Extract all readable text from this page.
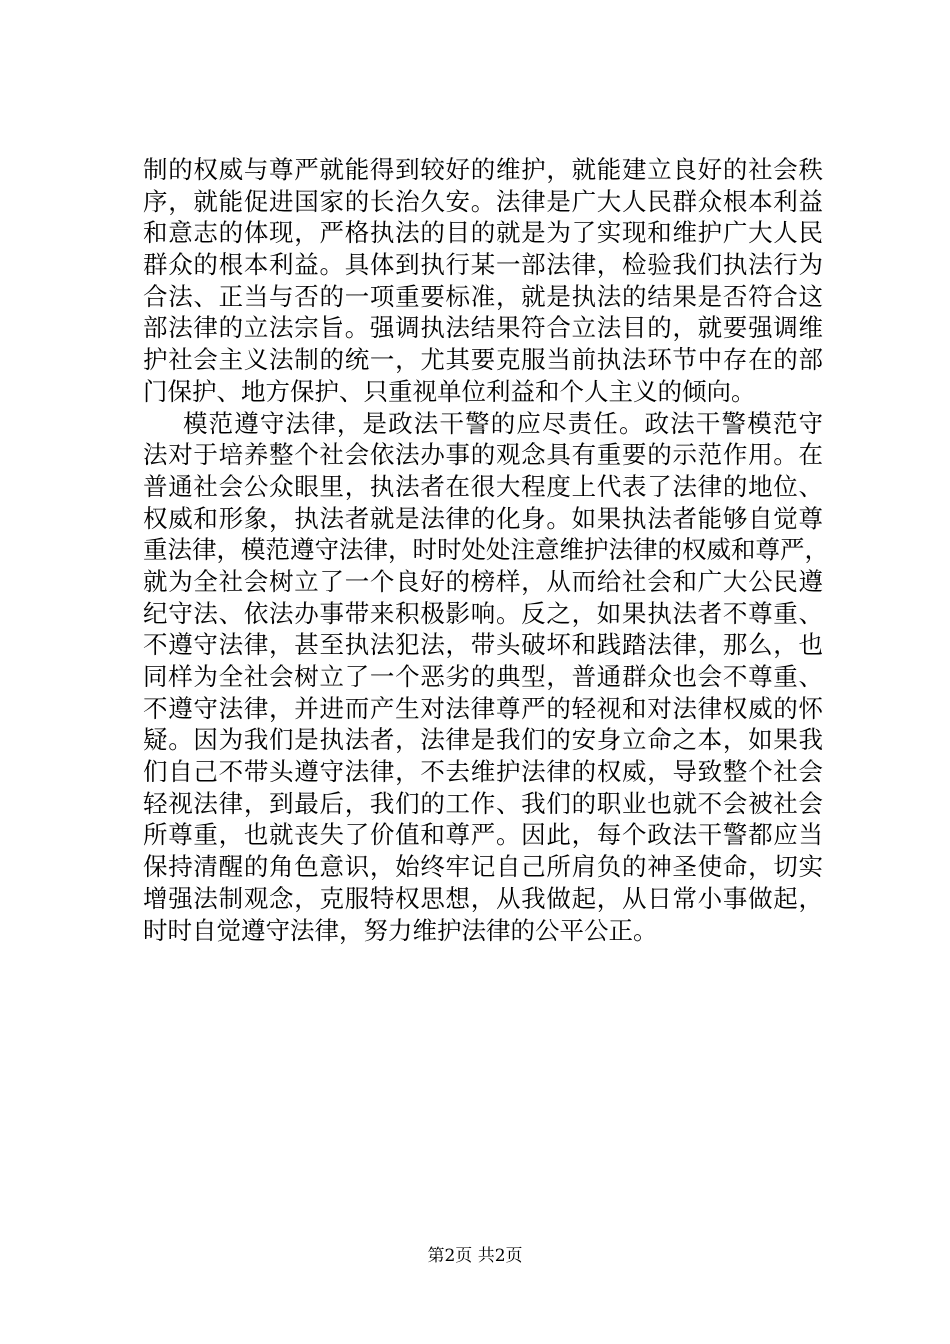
制的权威与尊严就能得到较好的维护，就能建立良好的社会秩
序，就能促进国家的长治久安。法律是广大人民群众根本利益
和意志的体现，严格执法的目的就是为了实现和维护广大人民
群众的根本利益。具体到执行某一部法律，检验我们执法行为
合法、正当与否的一项重要标准，就是执法的结果是否符合这
部法律的立法宗旨。强调执法结果符合立法目的，就要强调维
护社会主义法制的统一，尤其要克服当前执法环节中存在的部
门保护、地方保护、只重视单位利益和个人主义的倾向。
模范遵守法律，是政法干警的应尽责任。政法干警模范守
法对于培养整个社会依法办事的观念具有重要的示范作用。在
普通社会公众眼里，执法者在很大程度上代表了法律的地位、
权威和形象，执法者就是法律的化身。如果执法者能够自觉尊
重法律，模范遵守法律，时时处处注意维护法律的权威和尊严，
就为全社会树立了一个良好的榜样，从而给社会和广大公民遵
纪守法、依法办事带来积极影响。反之，如果执法者不尊重、
不遵守法律，甚至执法犯法，带头破坏和践踏法律，那么，也
同样为全社会树立了一个恶劣的典型，普通群众也会不尊重、
不遵守法律，并进而产生对法律尊严的轻视和对法律权威的怀
疑。因为我们是执法者，法律是我们的安身立命之本，如果我
们自己不带头遵守法律，不去维护法律的权威，导致整个社会
轻视法律，到最后，我们的工作、我们的职业也就不会被社会
所尊重，也就丧失了价值和尊严。因此，每个政法干警都应当
保持清醒的角色意识，始终牢记自己所肩负的神圣使命，切实
增强法制观念，克服特权思想，从我做起，从日常小事做起，
时时自觉遵守法律，努力维护法律的公平公正。
第2页 共2页
